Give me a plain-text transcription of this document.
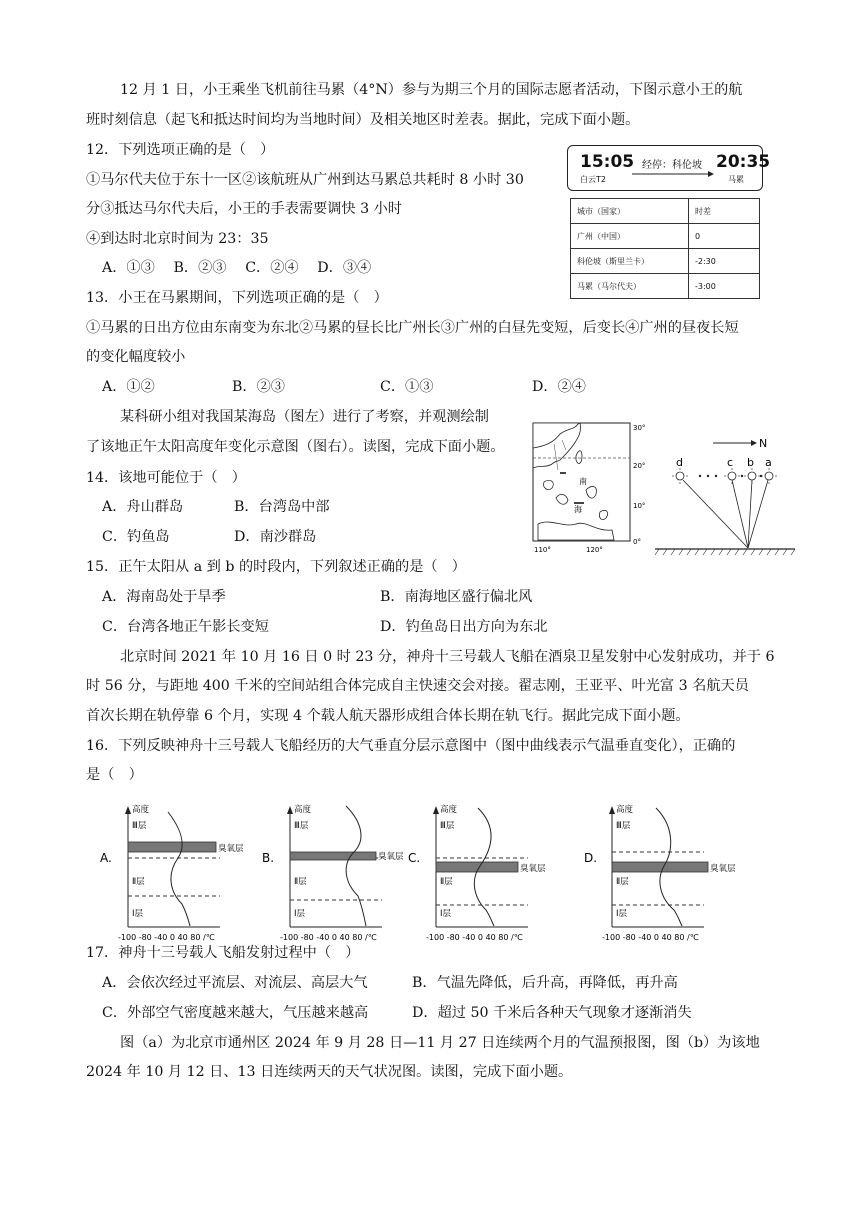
12 月 1 日，小王乘坐飞机前往马累（4°N）参与为期三个月的国际志愿者活动，下图示意小王的航
班时刻信息（起飞和抵达时间均为当地时间）及相关地区时差表。据此，完成下面小题。
12．下列选项正确的是（　）
①马尔代夫位于东十一区②该航班从广州到达马累总共耗时 8 小时 30
分③抵达马尔代夫后，小王的手表需要调快 3 小时
④到达时北京时间为 23：35
A．①③　 B．②③　 C．②④　 D．③④
15:05
白云T2
经停：科伦坡 20:35
马累
城市（国家）	时差
广州（中国）	0
科伦坡（斯里兰卡）	-2:30
马累（马尔代夫）	-3:00
13．小王在马累期间，下列选项正确的是（　）
①马累的日出方位由东南变为东北②马累的昼长比广州长③广州的白昼先变短，后变长④广州的昼夜长短
的变化幅度较小
A．①②	B．②③	C．①③	D．②④
某科研小组对我国某海岛（图左）进行了考察，并观测绘制
了该地正午太阳高度年变化示意图（图右）。读图，完成下面小题。
南
海
30°
20°
10°
0°
110°	120°
N
d	c b a
14．该地可能位于（　）
A．舟山群岛	B．台湾岛中部
C．钓鱼岛	D．南沙群岛
15．正午太阳从 a 到 b 的时段内，下列叙述正确的是（　）
A．海南岛处于旱季	B．南海地区盛行偏北风
C．台湾各地正午影长变短	D．钓鱼岛日出方向为东北
北京时间 2021 年 10 月 16 日 0 时 23 分，神舟十三号载人飞船在酒泉卫星发射中心发射成功，并于 6
时 56 分，与距地 400 千米的空间站组合体完成自主快速交会对接。翟志刚，王亚平、叶光富 3 名航天员
首次长期在轨停靠 6 个月，实现 4 个载人航天器形成组合体长期在轨飞行。据此完成下面小题。
16．下列反映神舟十三号载人飞船经历的大气垂直分层示意图中（图中曲线表示气温垂直变化），正确的
是（　）
A.
高度
Ⅲ层
Ⅱ层
Ⅰ层
臭氧层
-100 -80 -40 0 40 80 /℃
B.
高度
Ⅲ层
Ⅱ层
Ⅰ层
臭氧层
-100 -80 -40 0 40 80 /℃
C.
高度
Ⅲ层
Ⅱ层
Ⅰ层
臭氧层
-100 -80 -40 0 40 80 /℃
D.
高度
Ⅲ层
Ⅱ层
Ⅰ层
臭氧层
-100 -80 -40 0 40 80 /℃
17．神舟十三号载人飞船发射过程中（　）
A．会依次经过平流层、对流层、高层大气	B．气温先降低，后升高，再降低，再升高
C．外部空气密度越来越大，气压越来越高	D．超过 50 千米后各种天气现象才逐渐消失
图（a）为北京市通州区 2024 年 9 月 28 日—11 月 27 日连续两个月的气温预报图，图（b）为该地
2024 年 10 月 12 日、13 日连续两天的天气状况图。读图，完成下面小题。
